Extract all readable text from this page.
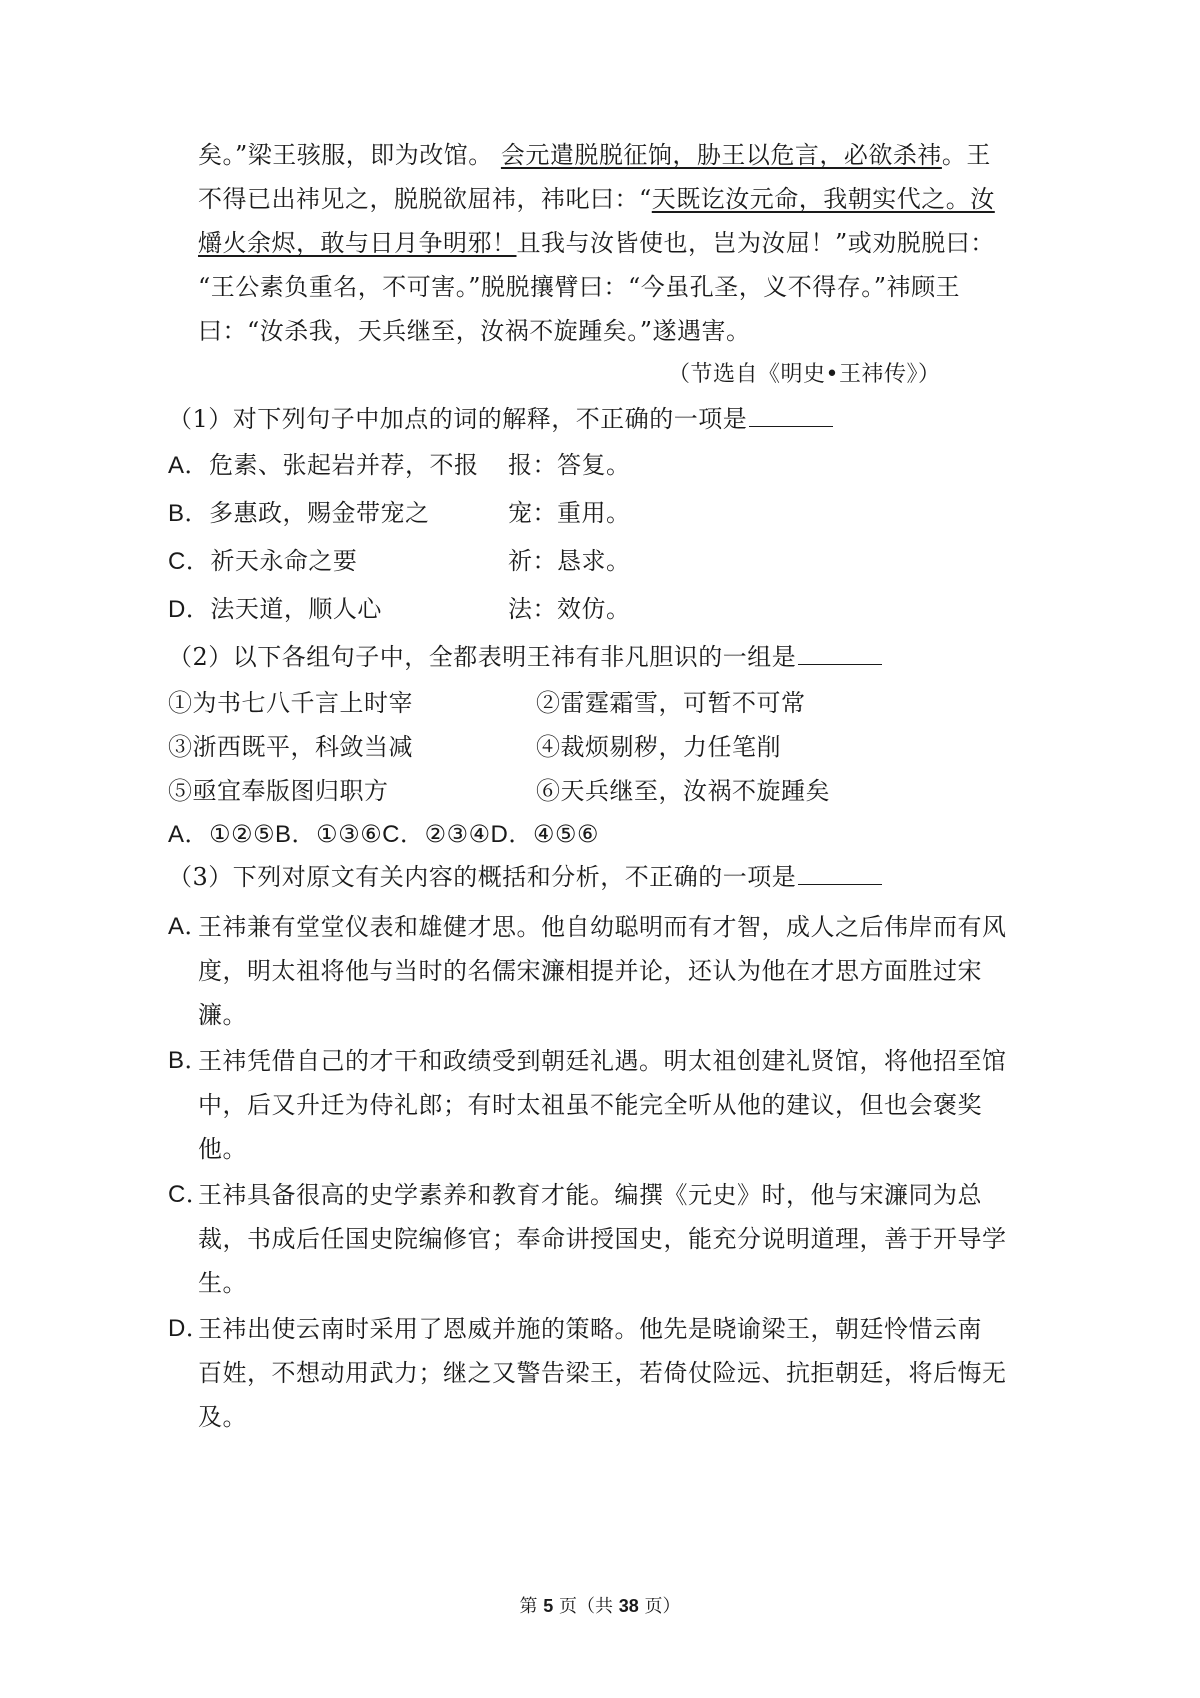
矣。”梁王骇服，即为改馆。 会元遣脱脱征饷，胁王以危言，必欲杀祎。王
不得已出祎见之，脱脱欲屈祎，祎叱曰：“天既讫汝元命，我朝实代之。汝
爝火余烬，敢与日月争明邪！且我与汝皆使也，岂为汝屈！”或劝脱脱曰：
“王公素负重名，不可害。”脱脱攘臂曰：“今虽孔圣，义不得存。”祎顾王
曰：“汝杀我，天兵继至，汝祸不旋踵矣。”遂遇害。
（节选自《明史•王祎传》）
（1）对下列句子中加点的词的解释，不正确的一项是
A．危素、张起岩并荐，不报 报：答复。
B．多惠政，赐金带宠之	宠：重用。
C．祈天永命之要	祈：恳求。
D．法天道，顺人心	法：效仿。
（2）以下各组句子中，全都表明王祎有非凡胆识的一组是
①为书七八千言上时宰	②雷霆霜雪，可暂不可常
③浙西既平，科敛当减	④裁烦剔秽，力任笔削
⑤亟宜奉版图归职方	⑥天兵继至，汝祸不旋踵矣
A．①②⑤B．①③⑥C．②③④D．④⑤⑥
（3）下列对原文有关内容的概括和分析，不正确的一项是
A．
王祎兼有堂堂仪表和雄健才思。他自幼聪明而有才智，成人之后伟岸而有风
度，明太祖将他与当时的名儒宋濂相提并论，还认为他在才思方面胜过宋
濂。
B．
王祎凭借自己的才干和政绩受到朝廷礼遇。明太祖创建礼贤馆，将他招至馆
中，后又升迁为侍礼郎；有时太祖虽不能完全听从他的建议，但也会褒奖
他。
C．
王祎具备很高的史学素养和教育才能。编撰《元史》时，他与宋濂同为总
裁，书成后任国史院编修官；奉命讲授国史，能充分说明道理，善于开导学
生。
D．
王祎出使云南时采用了恩威并施的策略。他先是晓谕梁王，朝廷怜惜云南
百姓，不想动用武力；继之又警告梁王，若倚仗险远、抗拒朝廷，将后悔无
及。
第 5 页（共 38 页）
